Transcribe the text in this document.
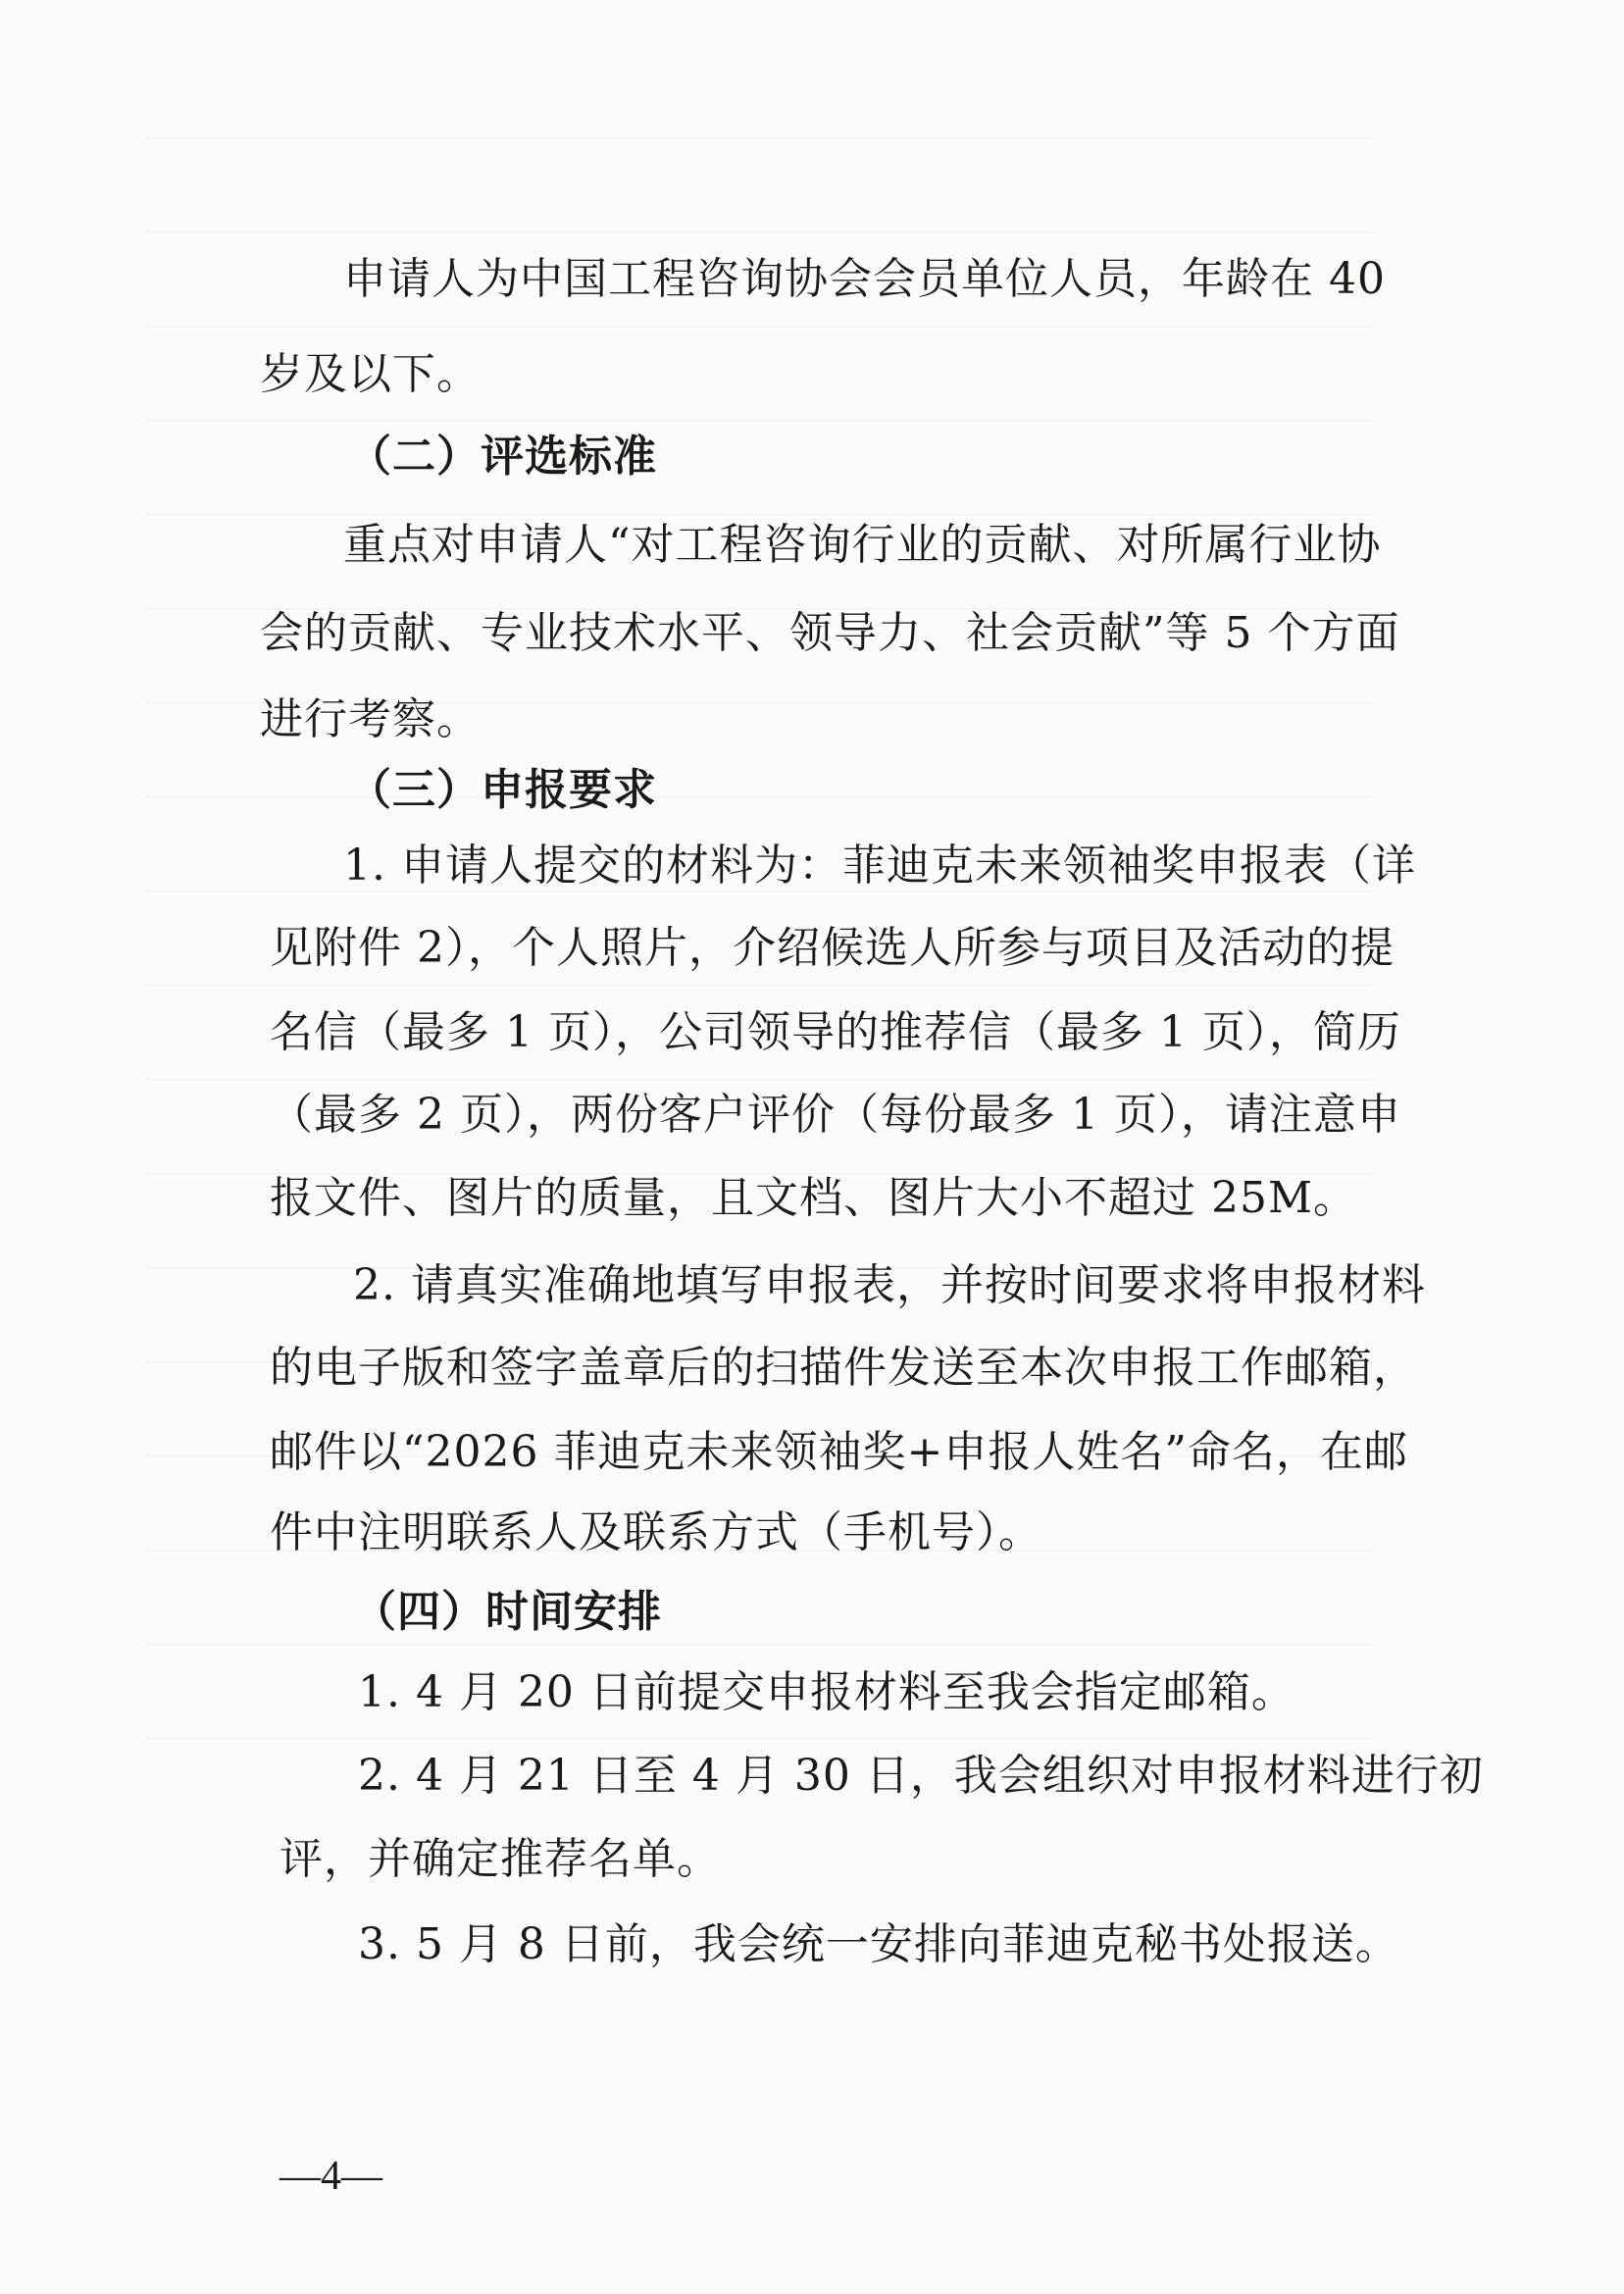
申请人为中国工程咨询协会会员单位人员，年龄在 40

岁及以下。

（二）评选标准

重点对申请人“对工程咨询行业的贡献、对所属行业协

会的贡献、专业技术水平、领导力、社会贡献”等 5 个方面

进行考察。

（三）申报要求

1. 申请人提交的材料为：菲迪克未来领袖奖申报表（详

见附件 2），个人照片，介绍候选人所参与项目及活动的提

名信（最多 1 页），公司领导的推荐信（最多 1 页），简历

（最多 2 页），两份客户评价（每份最多 1 页），请注意申

报文件、图片的质量，且文档、图片大小不超过 25M。

2. 请真实准确地填写申报表，并按时间要求将申报材料

的电子版和签字盖章后的扫描件发送至本次申报工作邮箱，

邮件以“2026 菲迪克未来领袖奖+申报人姓名”命名，在邮

件中注明联系人及联系方式（手机号）。

（四）时间安排

1. 4 月 20 日前提交申报材料至我会指定邮箱。

2. 4 月 21 日至 4 月 30 日，我会组织对申报材料进行初

评，并确定推荐名单。

3. 5 月 8 日前，我会统一安排向菲迪克秘书处报送。

—4—
